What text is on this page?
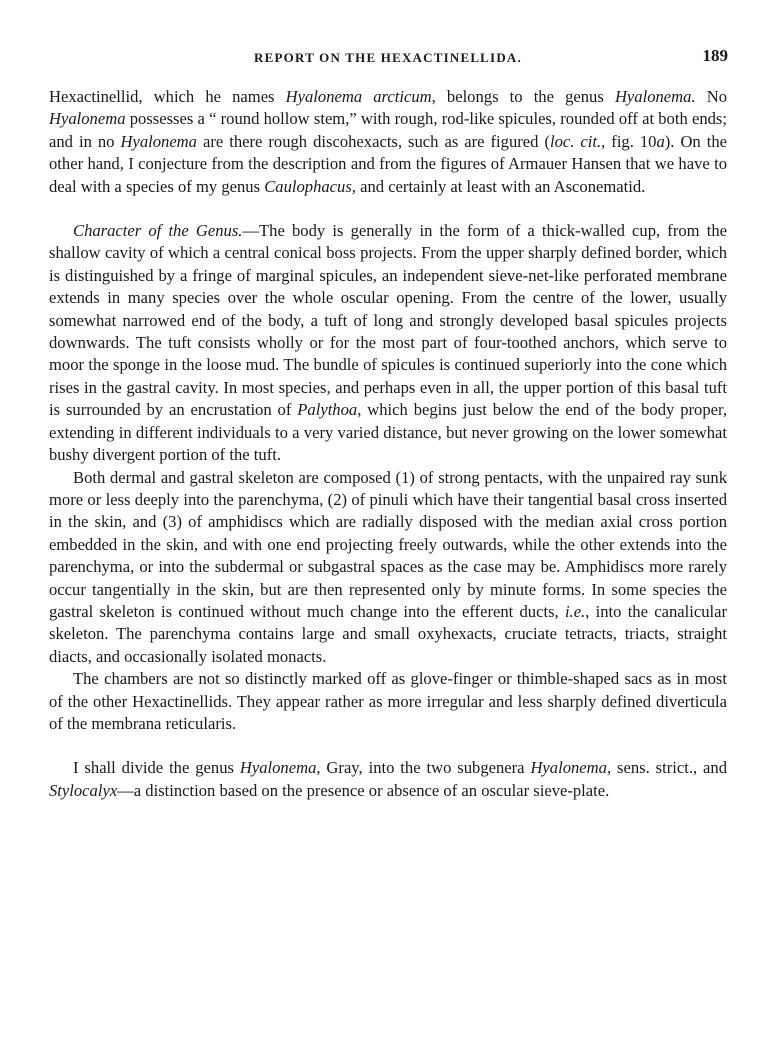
REPORT ON THE HEXACTINELLIDA.	189

Hexactinellid, which he names Hyalonema arcticum, belongs to the genus Hyalonema. No Hyalonema possesses a “ round hollow stem,” with rough, rod-like spicules, rounded off at both ends; and in no Hyalonema are there rough discohexacts, such as are figured (loc. cit., fig. 10a). On the other hand, I conjecture from the description and from the figures of Armauer Hansen that we have to deal with a species of my genus Caulophacus, and certainly at least with an Asconematid.

Character of the Genus.—The body is generally in the form of a thick-walled cup, from the shallow cavity of which a central conical boss projects. From the upper sharply defined border, which is distinguished by a fringe of marginal spicules, an independent sieve-net-like perforated membrane extends in many species over the whole oscular opening. From the centre of the lower, usually somewhat narrowed end of the body, a tuft of long and strongly developed basal spicules projects downwards. The tuft consists wholly or for the most part of four-toothed anchors, which serve to moor the sponge in the loose mud. The bundle of spicules is continued superiorly into the cone which rises in the gastral cavity. In most species, and perhaps even in all, the upper portion of this basal tuft is surrounded by an encrustation of Palythoa, which begins just below the end of the body proper, extending in different individuals to a very varied distance, but never growing on the lower somewhat bushy divergent portion of the tuft.

Both dermal and gastral skeleton are composed (1) of strong pentacts, with the unpaired ray sunk more or less deeply into the parenchyma, (2) of pinuli which have their tangential basal cross inserted in the skin, and (3) of amphidiscs which are radially disposed with the median axial cross portion embedded in the skin, and with one end projecting freely outwards, while the other extends into the parenchyma, or into the subdermal or subgastral spaces as the case may be. Amphidiscs more rarely occur tangentially in the skin, but are then represented only by minute forms. In some species the gastral skeleton is continued without much change into the efferent ducts, i.e., into the canalicular skeleton. The parenchyma contains large and small oxyhexacts, cruciate tetracts, triacts, straight diacts, and occasionally isolated monacts.

The chambers are not so distinctly marked off as glove-finger or thimble-shaped sacs as in most of the other Hexactinellids. They appear rather as more irregular and less sharply defined diverticula of the membrana reticularis.

I shall divide the genus Hyalonema, Gray, into the two subgenera Hyalonema, sens. strict., and Stylocalyx—a distinction based on the presence or absence of an oscular sieve-plate.
